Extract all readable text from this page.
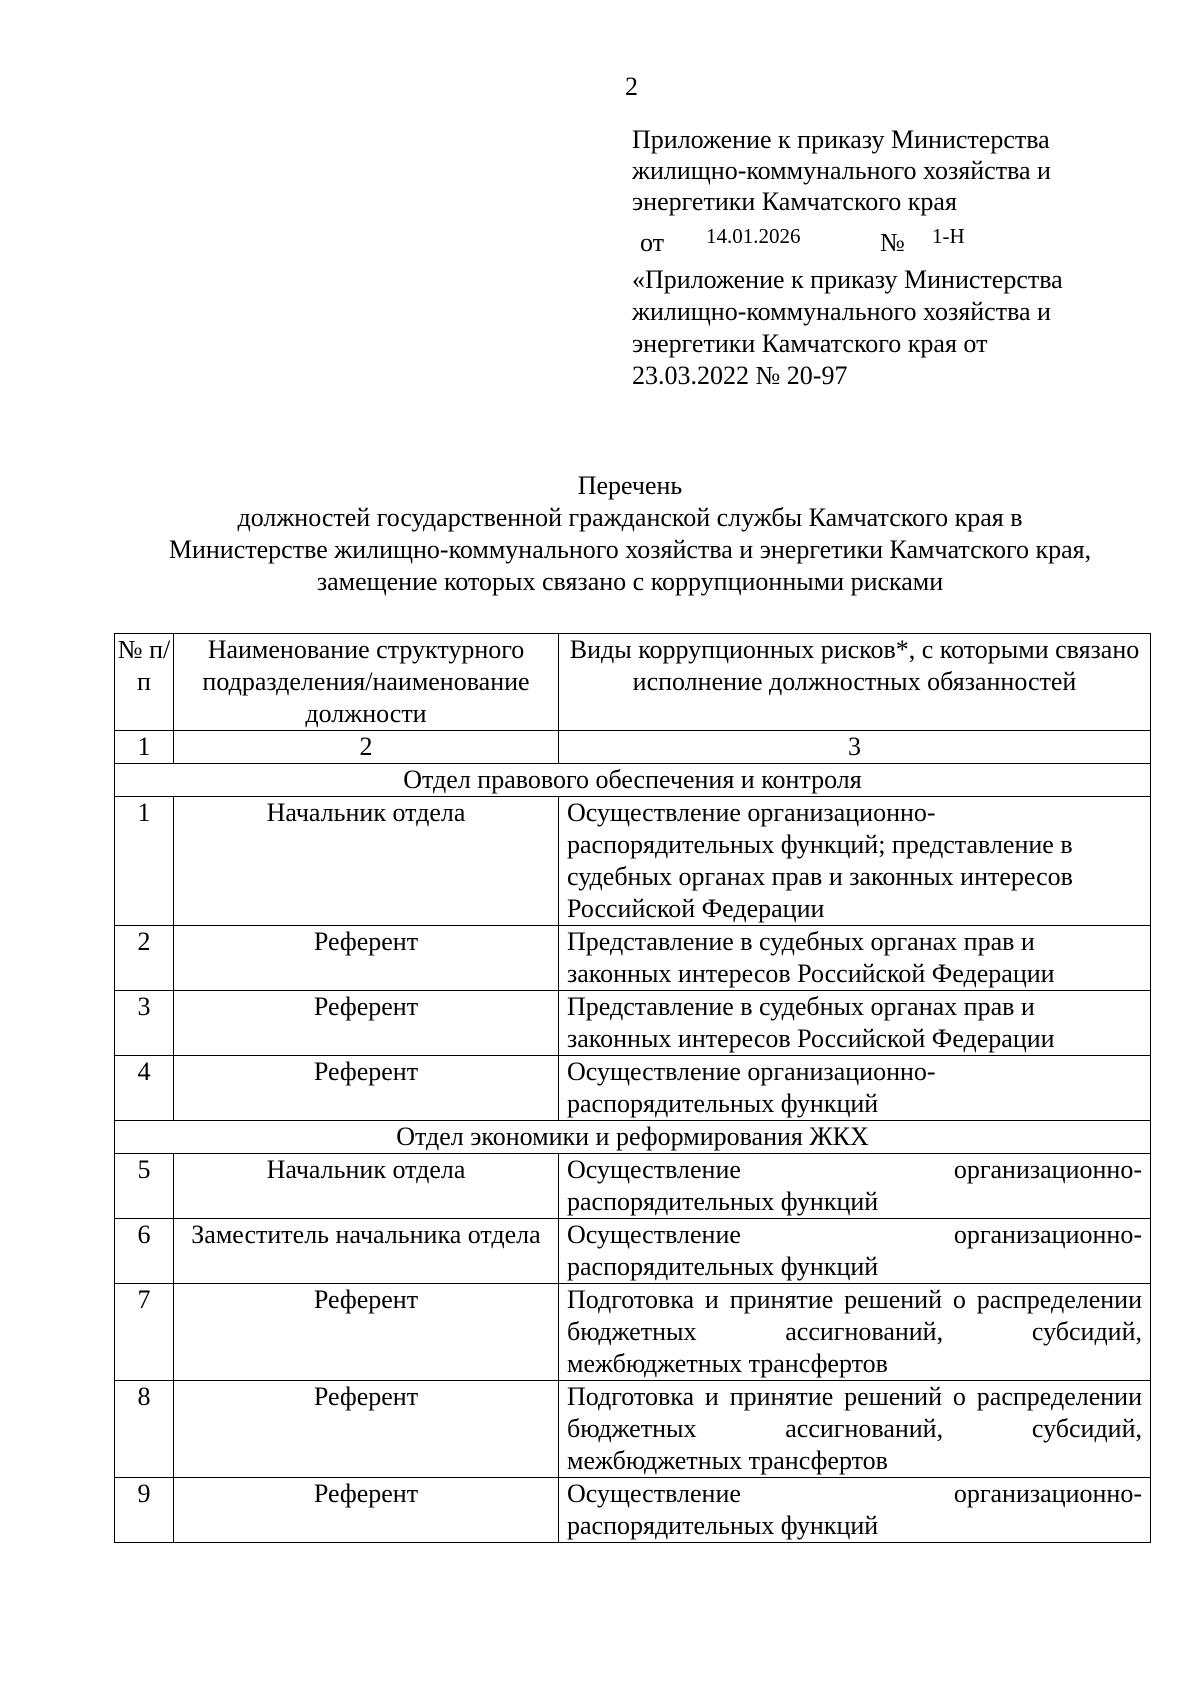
2
Приложение к приказу Министерства
жилищно-коммунального хозяйства и
энергетики Камчатского края
от 14.01.2026	№ 1-Н
«Приложение к приказу Министерства
жилищно-коммунального хозяйства и
энергетики Камчатского края от
23.03.2022 № 20-97
Перечень
должностей государственной гражданской службы Камчатского края в
Министерстве жилищно-коммунального хозяйства и энергетики Камчатского края,
замещение которых связано с коррупционными рисками
№ п/п	Наименование структурного подразделения/наименование должности	Виды коррупционных рисков*, с которыми связано исполнение должностных обязанностей
1	2	3
Отдел правового обеспечения и контроля		
1	Начальник отдела	Осуществление организационно-распорядительных функций; представление в судебных органах прав и законных интересов Российской Федерации
2	Референт	Представление в судебных органах прав и законных интересов Российской Федерации
3	Референт	Представление в судебных органах прав и законных интересов Российской Федерации
4	Референт	Осуществление организационно-распорядительных функций
Отдел экономики и реформирования ЖКХ		
5	Начальник отдела	Осуществление организационно-распорядительных функций
6	Заместитель начальника отдела	Осуществление организационно-распорядительных функций
7	Референт	Подготовка и принятие решений о распределении бюджетных ассигнований, субсидий, межбюджетных трансфертов
8	Референт	Подготовка и принятие решений о распределении бюджетных ассигнований, субсидий, межбюджетных трансфертов
9	Референт	Осуществление организационно-распорядительных функций
